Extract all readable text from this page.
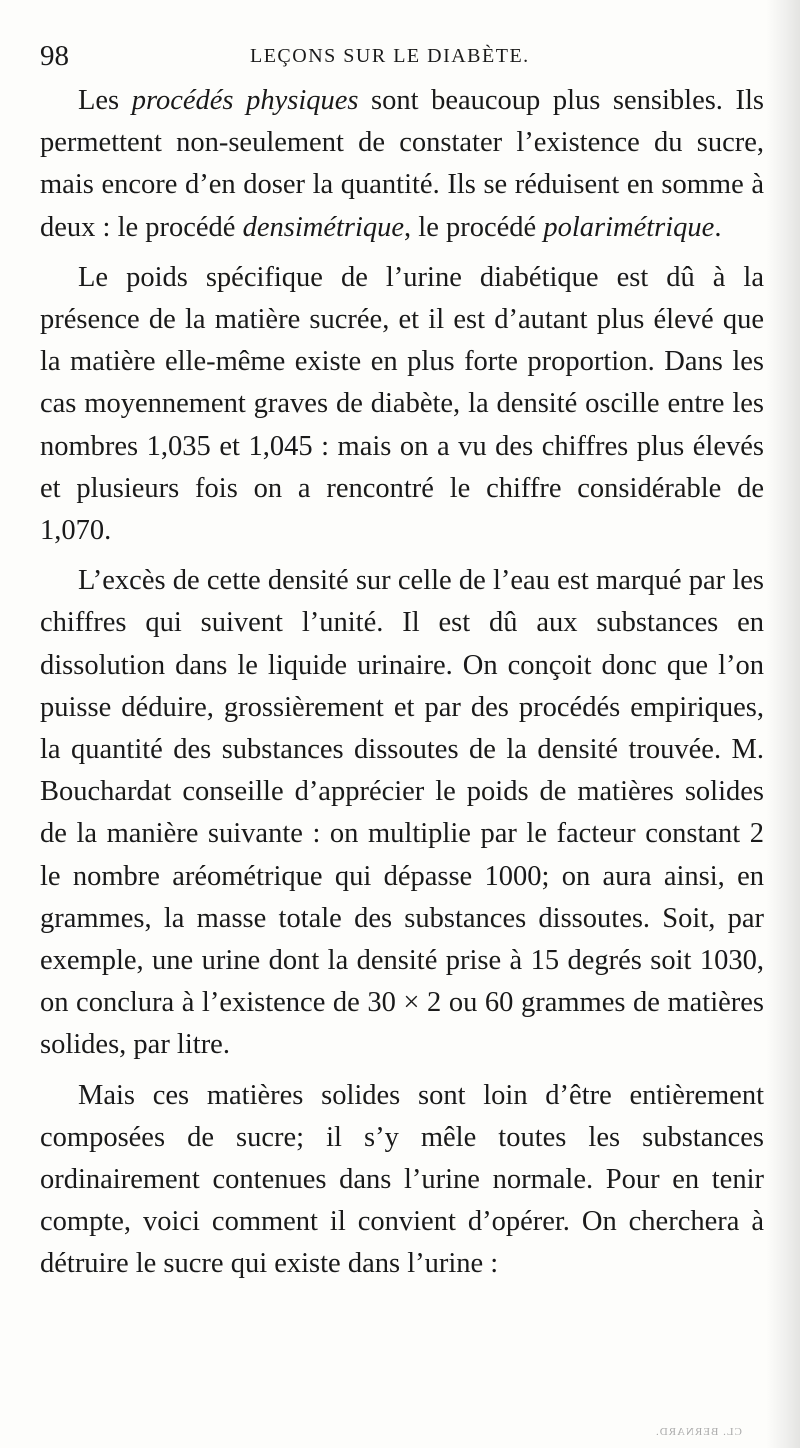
98	LEÇONS SUR LE DIABÈTE.

Les procédés physiques sont beaucoup plus sensibles. Ils permettent non-seulement de constater l’existence du sucre, mais encore d’en doser la quantité. Ils se réduisent en somme à deux : le procédé densimétrique, le procédé polarimétrique.

Le poids spécifique de l’urine diabétique est dû à la présence de la matière sucrée, et il est d’autant plus élevé que la matière elle-même existe en plus forte proportion. Dans les cas moyennement graves de diabète, la densité oscille entre les nombres 1,035 et 1,045 : mais on a vu des chiffres plus élevés et plusieurs fois on a rencontré le chiffre considérable de 1,070.

L’excès de cette densité sur celle de l’eau est marqué par les chiffres qui suivent l’unité. Il est dû aux substances en dissolution dans le liquide urinaire. On conçoit donc que l’on puisse déduire, grossièrement et par des procédés empiriques, la quantité des substances dissoutes de la densité trouvée. M. Bouchardat conseille d’apprécier le poids de matières solides de la manière suivante : on multiplie par le facteur constant 2 le nombre aréométrique qui dépasse 1000; on aura ainsi, en grammes, la masse totale des substances dissoutes. Soit, par exemple, une urine dont la densité prise à 15 degrés soit 1030, on conclura à l’existence de 30 × 2 ou 60 grammes de matières solides, par litre.

Mais ces matières solides sont loin d’être entièrement composées de sucre; il s’y mêle toutes les substances ordinairement contenues dans l’urine normale. Pour en tenir compte, voici comment il convient d’opérer. On cherchera à détruire le sucre qui existe dans l’urine :

CL. BERNARD.
